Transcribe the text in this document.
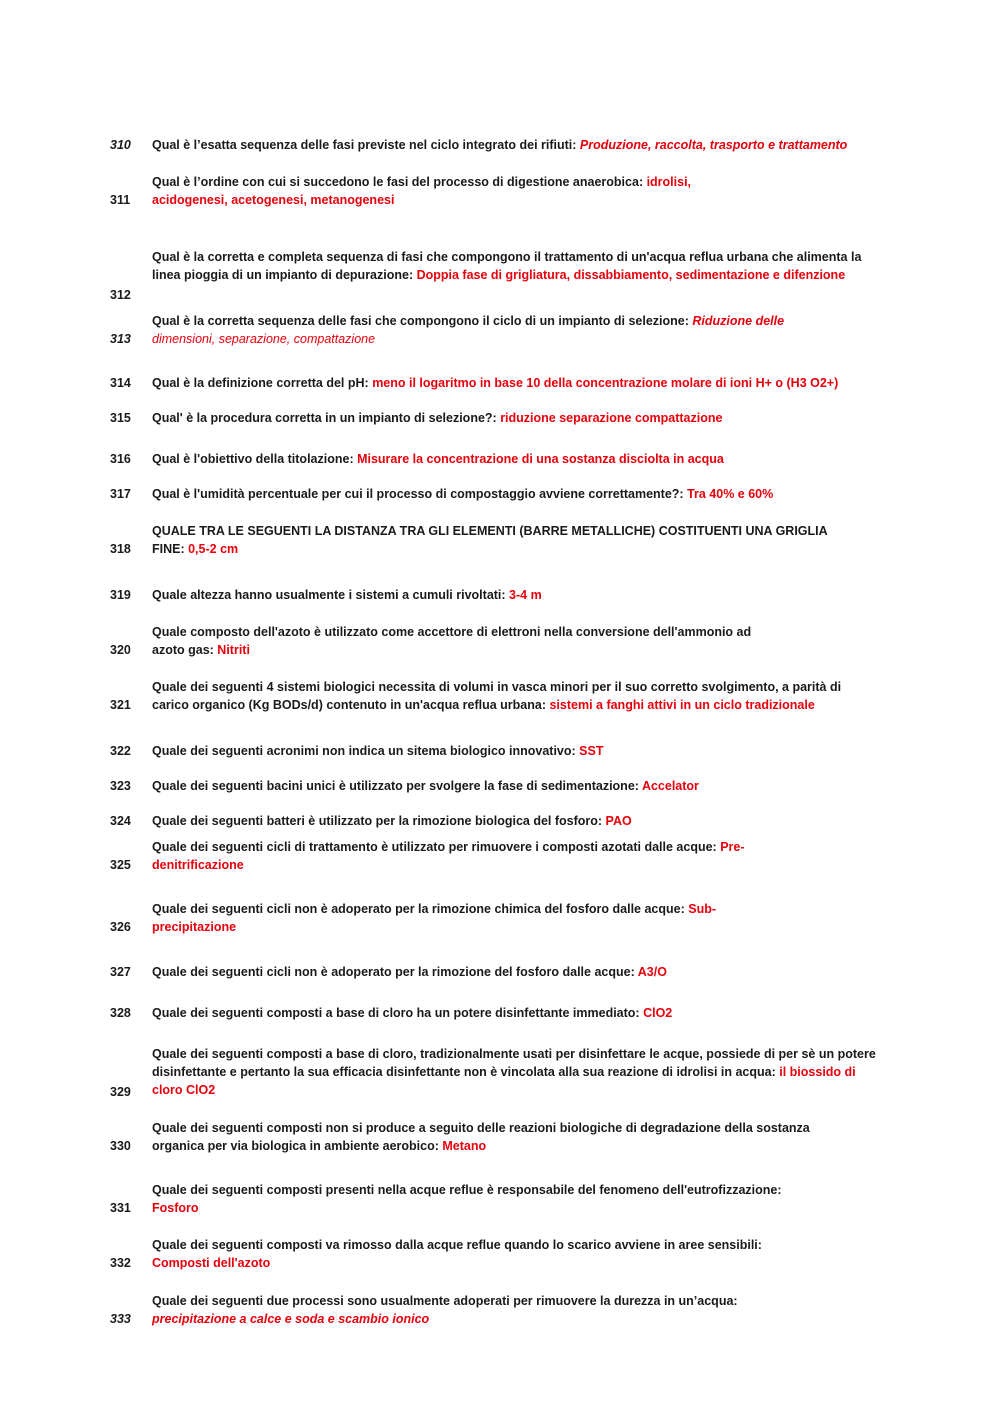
310	Qual è l’esatta sequenza delle fasi previste nel ciclo integrato dei rifiuti: Produzione, raccolta, trasporto e trattamento
311
Qual è l’ordine con cui si succedono le fasi del processo di digestione anaerobica: idrolisi, acidogenesi, acetogenesi, metanogenesi
312
Qual è la corretta e completa sequenza di fasi che compongono il trattamento di un'acqua reflua urbana che alimenta la linea pioggia di un impianto di depurazione: Doppia fase di grigliatura, dissabbiamento, sedimentazione e difenzione
313
Qual è la corretta sequenza delle fasi che compongono il ciclo di un impianto di selezione: Riduzione delle
dimensioni, separazione, compattazione
314	Qual è la definizione corretta del pH: meno il logaritmo in base 10 della concentrazione molare di ioni H+ o (H3 O2+)
315	Qual' è la procedura corretta in un impianto di selezione?: riduzione separazione compattazione
316	Qual è l'obiettivo della titolazione: Misurare la concentrazione di una sostanza disciolta in acqua
317	Qual è l'umidità percentuale per cui il processo di compostaggio avviene correttamente?: Tra 40% e 60%
318
QUALE TRA LE SEGUENTI LA DISTANZA TRA GLI ELEMENTI (BARRE METALLICHE) COSTITUENTI UNA GRIGLIA FINE: 0,5-2 cm
319	Quale altezza hanno usualmente i sistemi a cumuli rivoltati: 3-4 m
320
Quale composto dell'azoto è utilizzato come accettore di elettroni nella conversione dell'ammonio ad azoto gas: Nitriti
321
Quale dei seguenti 4 sistemi biologici necessita di volumi in vasca minori per il suo corretto svolgimento, a parità di carico organico (Kg BODs/d) contenuto in un'acqua reflua urbana: sistemi a fanghi attivi in un ciclo tradizionale
322	Quale dei seguenti acronimi non indica un sitema biologico innovativo: SST
323	Quale dei seguenti bacini unici è utilizzato per svolgere la fase di sedimentazione: Accelator
324	Quale dei seguenti batteri è utilizzato per la rimozione biologica del fosforo: PAO
325
Quale dei seguenti cicli di trattamento è utilizzato per rimuovere i composti azotati dalle acque: Pre-denitrificazione
326
Quale dei seguenti cicli non è adoperato per la rimozione chimica del fosforo dalle acque: Sub-precipitazione
327	Quale dei seguenti cicli non è adoperato per la rimozione del fosforo dalle acque: A3/O
328	Quale dei seguenti composti a base di cloro ha un potere disinfettante immediato: ClO2
329
Quale dei seguenti composti a base di cloro, tradizionalmente usati per disinfettare le acque, possiede di per sè un potere disinfettante e pertanto la sua efficacia disinfettante non è vincolata alla sua reazione di idrolisi in acqua: il biossido di cloro ClO2
330
Quale dei seguenti composti non si produce a seguito delle reazioni biologiche di degradazione della sostanza organica per via biologica in ambiente aerobico: Metano
331
Quale dei seguenti composti presenti nella acque reflue è responsabile del fenomeno dell'eutrofizzazione:
Fosforo
332
Quale dei seguenti composti va rimosso dalla acque reflue quando lo scarico avviene in aree sensibili:
Composti dell'azoto
333
Quale dei seguenti due processi sono usualmente adoperati per rimuovere la durezza in un’acqua:
precipitazione a calce e soda e scambio ionico
